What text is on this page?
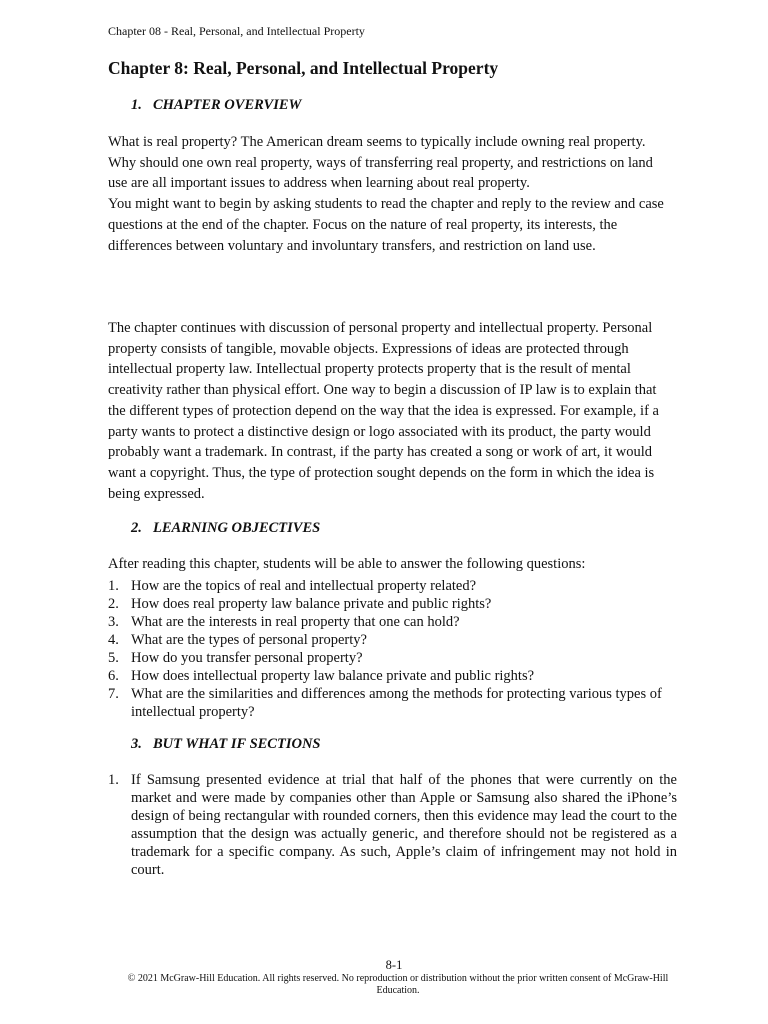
Chapter 08 - Real, Personal, and Intellectual Property
Chapter 8: Real, Personal, and Intellectual Property
1. CHAPTER OVERVIEW

What is real property? The American dream seems to typically include owning real property. Why should one own real property, ways of transferring real property, and restrictions on land use are all important issues to address when learning about real property.

You might want to begin by asking students to read the chapter and reply to the review and case questions at the end of the chapter. Focus on the nature of real property, its interests, the differences between voluntary and involuntary transfers, and restriction on land use.

The chapter continues with discussion of personal property and intellectual property. Personal property consists of tangible, movable objects. Expressions of ideas are protected through intellectual property law. Intellectual property protects property that is the result of mental creativity rather than physical effort. One way to begin a discussion of IP law is to explain that the different types of protection depend on the way that the idea is expressed. For example, if a party wants to protect a distinctive design or logo associated with its product, the party would probably want a trademark. In contrast, if the party has created a song or work of art, it would want a copyright. Thus, the type of protection sought depends on the form in which the idea is being expressed.

2. LEARNING OBJECTIVES

After reading this chapter, students will be able to answer the following questions:

1. How are the topics of real and intellectual property related?
2. How does real property law balance private and public rights?
3. What are the interests in real property that one can hold?
4. What are the types of personal property?
5. How do you transfer personal property?
6. How does intellectual property law balance private and public rights?
7. What are the similarities and differences among the methods for protecting various types of intellectual property?
3. BUT WHAT IF SECTIONS
1. If Samsung presented evidence at trial that half of the phones that were currently on the market and were made by companies other than Apple or Samsung also shared the iPhone’s design of being rectangular with rounded corners, then this evidence may lead the court to the assumption that the design was actually generic, and therefore should not be registered as a trademark for a specific company. As such, Apple’s claim of infringement may not hold in court.
8-1
© 2021 McGraw-Hill Education. All rights reserved. No reproduction or distribution without the prior written consent of McGraw-Hill Education.
